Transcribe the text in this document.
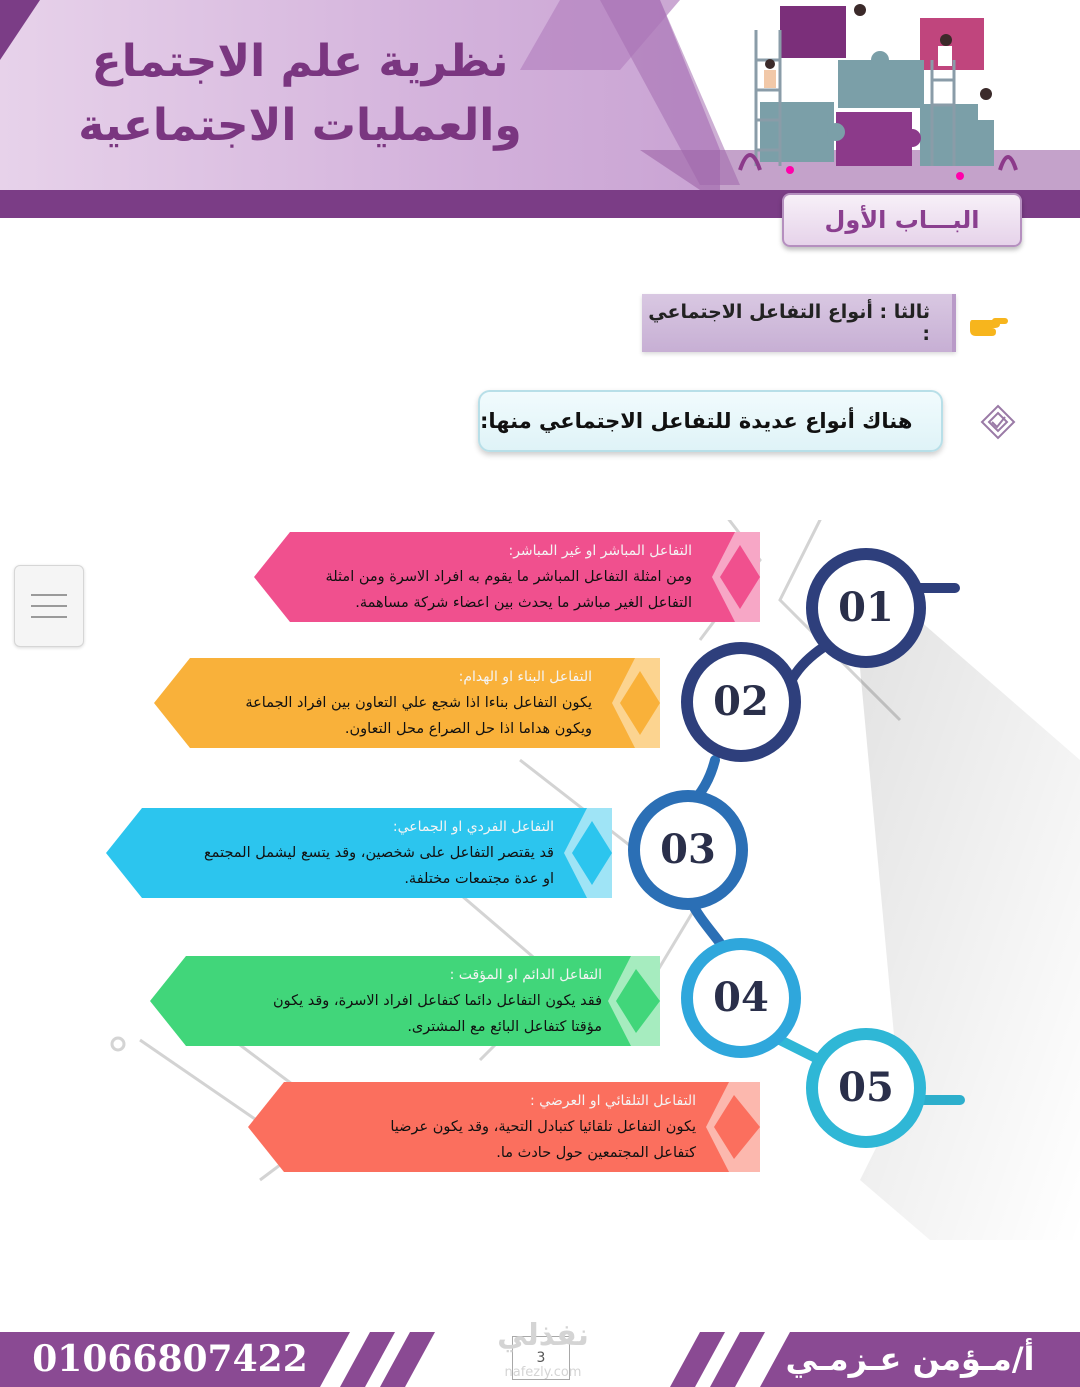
نظرية علم الاجتماع
والعمليات الاجتماعية
البـــاب الأول
ثالثا : أنواع التفاعل الاجتماعي :
هناك أنواع عديدة للتفاعل الاجتماعي منها:
01
02
03
04
05
التفاعل المباشر او غير المباشر:
ومن امثلة التفاعل المباشر ما يقوم به افراد الاسرة ومن امثلة
التفاعل الغير مباشر ما يحدث بين اعضاء شركة مساهمة.
التفاعل البناء او الهدام:
يكون التفاعل بناءا اذا شجع علي التعاون بين افراد الجماعة
ويكون هداما اذا حل الصراع محل التعاون.
التفاعل الفردي او الجماعي:
قد يقتصر التفاعل على شخصين، وقد يتسع ليشمل المجتمع
او عدة مجتمعات مختلفة.
التفاعل الدائم او المؤقت :
فقد يكون التفاعل دائما كتفاعل افراد الاسرة، وقد يكون
مؤقتا كتفاعل البائع مع المشترى.
التفاعل التلقائي او العرضي :
يكون التفاعل تلقائيا كتبادل التحية، وقد يكون عرضيا
كتفاعل المجتمعين حول حادث ما.
01066807422	أ/مـؤمن عـزمـي
3
نفذلي
nafezly.com
